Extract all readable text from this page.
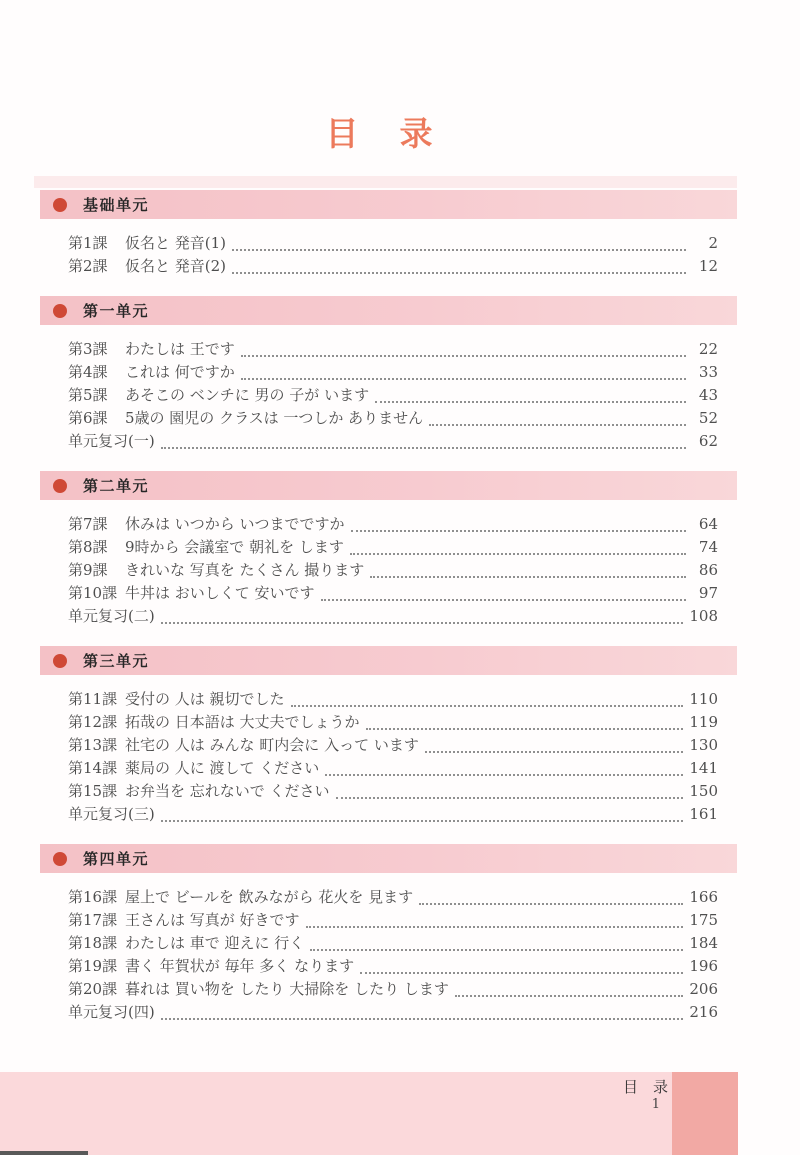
目　录
基础单元
第1課	仮名と 発音(1)	2
第2課	仮名と 発音(2)	12
第一单元
第3課	わたしは 王です	22
第4課	これは 何ですか	33
第5課	あそこの ベンチに 男の 子が います	43
第6課	5歳の 園児の クラスは 一つしか ありません	52
单元复习(一)	62
第二单元
第7課	休みは いつから いつまでですか	64
第8課	9時から 会議室で 朝礼を します	74
第9課	きれいな 写真を たくさん 撮ります	86
第10課 牛丼は おいしくて 安いです	97
单元复习(二)	108
第三单元
第11課 受付の 人は 親切でした	110
第12課 拓哉の 日本語は 大丈夫でしょうか	119
第13課 社宅の 人は みんな 町内会に 入って います	130
第14課 薬局の 人に 渡して ください	141
第15課 お弁当を 忘れないで ください	150
单元复习(三)	161
第四单元
第16課 屋上で ビールを 飲みながら 花火を 見ます	166
第17課 王さんは 写真が 好きです	175
第18課 わたしは 車で 迎えに 行く	184
第19課 書く 年賀状が 毎年 多く なります	196
第20課 暮れは 買い物を したり 大掃除を したり します	206
单元复习(四)	216
目　录
1
